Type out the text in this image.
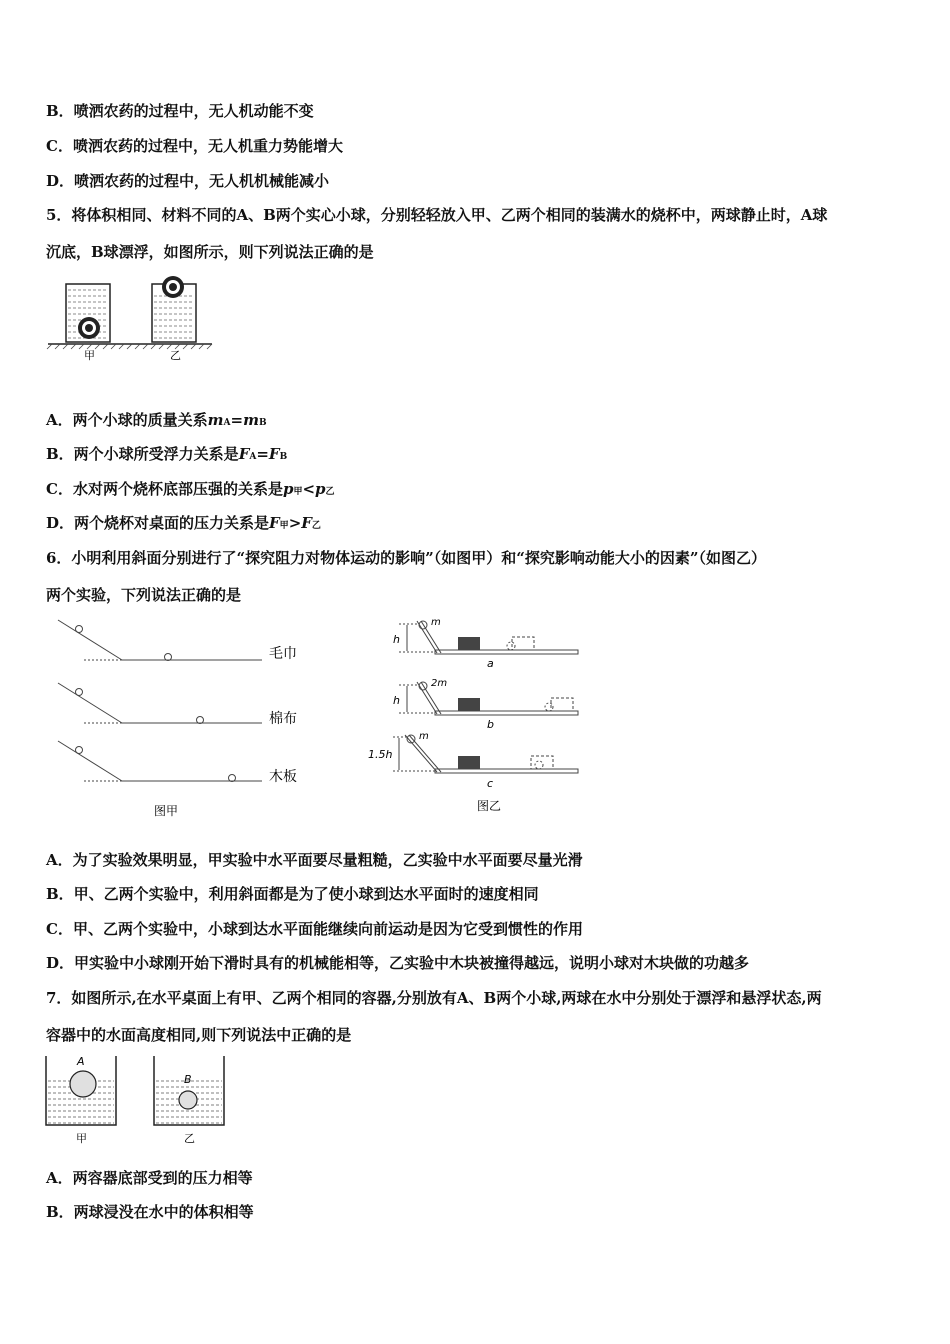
B．喷洒农药的过程中，无人机动能不变
C．喷洒农药的过程中，无人机重力势能增大
D．喷洒农药的过程中，无人机机械能减小
5．将体积相同、材料不同的A、B两个实心小球，分别轻轻放入甲、乙两个相同的装满水的烧杯中，两球静止时，A球
沉底，B球漂浮，如图所示，则下列说法正确的是
甲	乙
A．两个小球的质量关系mA=mB
B．两个小球所受浮力关系是FA=FB
C．水对两个烧杯底部压强的关系是p甲<p乙
D．两个烧杯对桌面的压力关系是F甲>F乙
6．小明利用斜面分别进行了“探究阻力对物体运动的影响”（如图甲）和“探究影响动能大小的因素”（如图乙）
两个实验，下列说法正确的是
毛巾
棉布
木板
图甲
m
2m
m
h
h
1.5h
a
b
c
图乙
A．为了实验效果明显，甲实验中水平面要尽量粗糙，乙实验中水平面要尽量光滑
B．甲、乙两个实验中，利用斜面都是为了使小球到达水平面时的速度相同
C．甲、乙两个实验中，小球到达水平面能继续向前运动是因为它受到惯性的作用
D．甲实验中小球刚开始下滑时具有的机械能相等，乙实验中木块被撞得越远，说明小球对木块做的功越多
7．如图所示,在水平桌面上有甲、乙两个相同的容器,分别放有A、B两个小球,两球在水中分别处于漂浮和悬浮状态,两
容器中的水面高度相同,则下列说法中正确的是
A
B
甲	乙
A．两容器底部受到的压力相等
B．两球浸没在水中的体积相等
